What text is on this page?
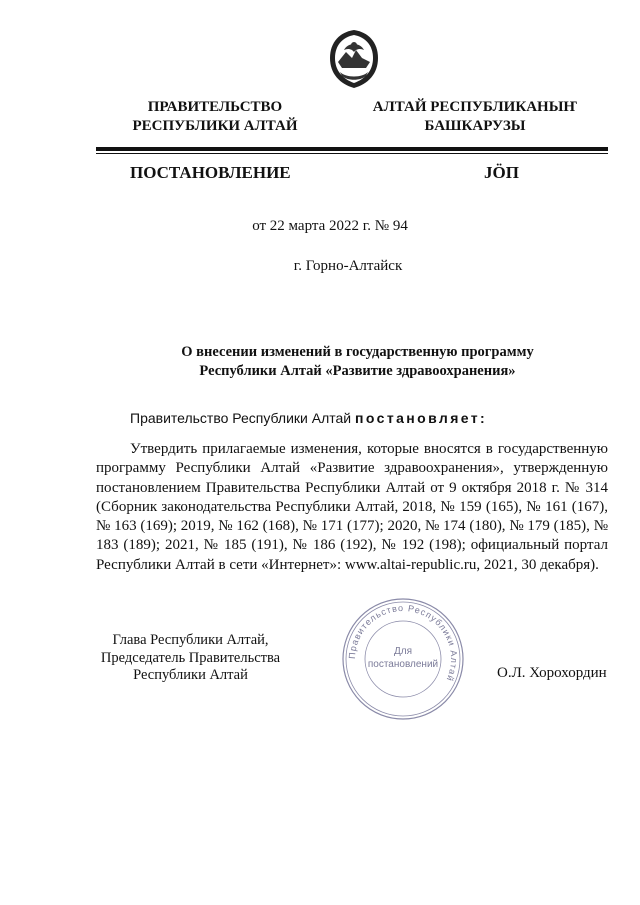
ПРАВИТЕЛЬСТВО
РЕСПУБЛИКИ АЛТАЙ
АЛТАЙ РЕСПУБЛИКАНЫҤ
БАШКАРУЗЫ
ПОСТАНОВЛЕНИЕ	JӦП
от 22 марта 2022 г. № 94
г. Горно-Алтайск
О внесении изменений в государственную программу
Республики Алтай «Развитие здравоохранения»
Правительство Республики Алтай постановляет:
Утвердить прилагаемые изменения, которые вносятся в государственную программу Республики Алтай «Развитие здравоохранения», утвержденную постановлением Правительства Республики Алтай от 9 октября 2018 г. № 314 (Сборник законодательства Республики Алтай, 2018, № 159 (165), № 161 (167), № 163 (169); 2019, № 162 (168), № 171 (177); 2020, № 174 (180), № 179 (185), № 183 (189); 2021, № 185 (191), № 186 (192), № 192 (198); официальный портал Республики Алтай в сети «Интернет»: www.altai-republic.ru, 2021, 30 декабря).
Глава Республики Алтай,
Председатель Правительства
Республики Алтай
Правительство Республики Алтай
Для
постановлений
О.Л. Хорохордин
